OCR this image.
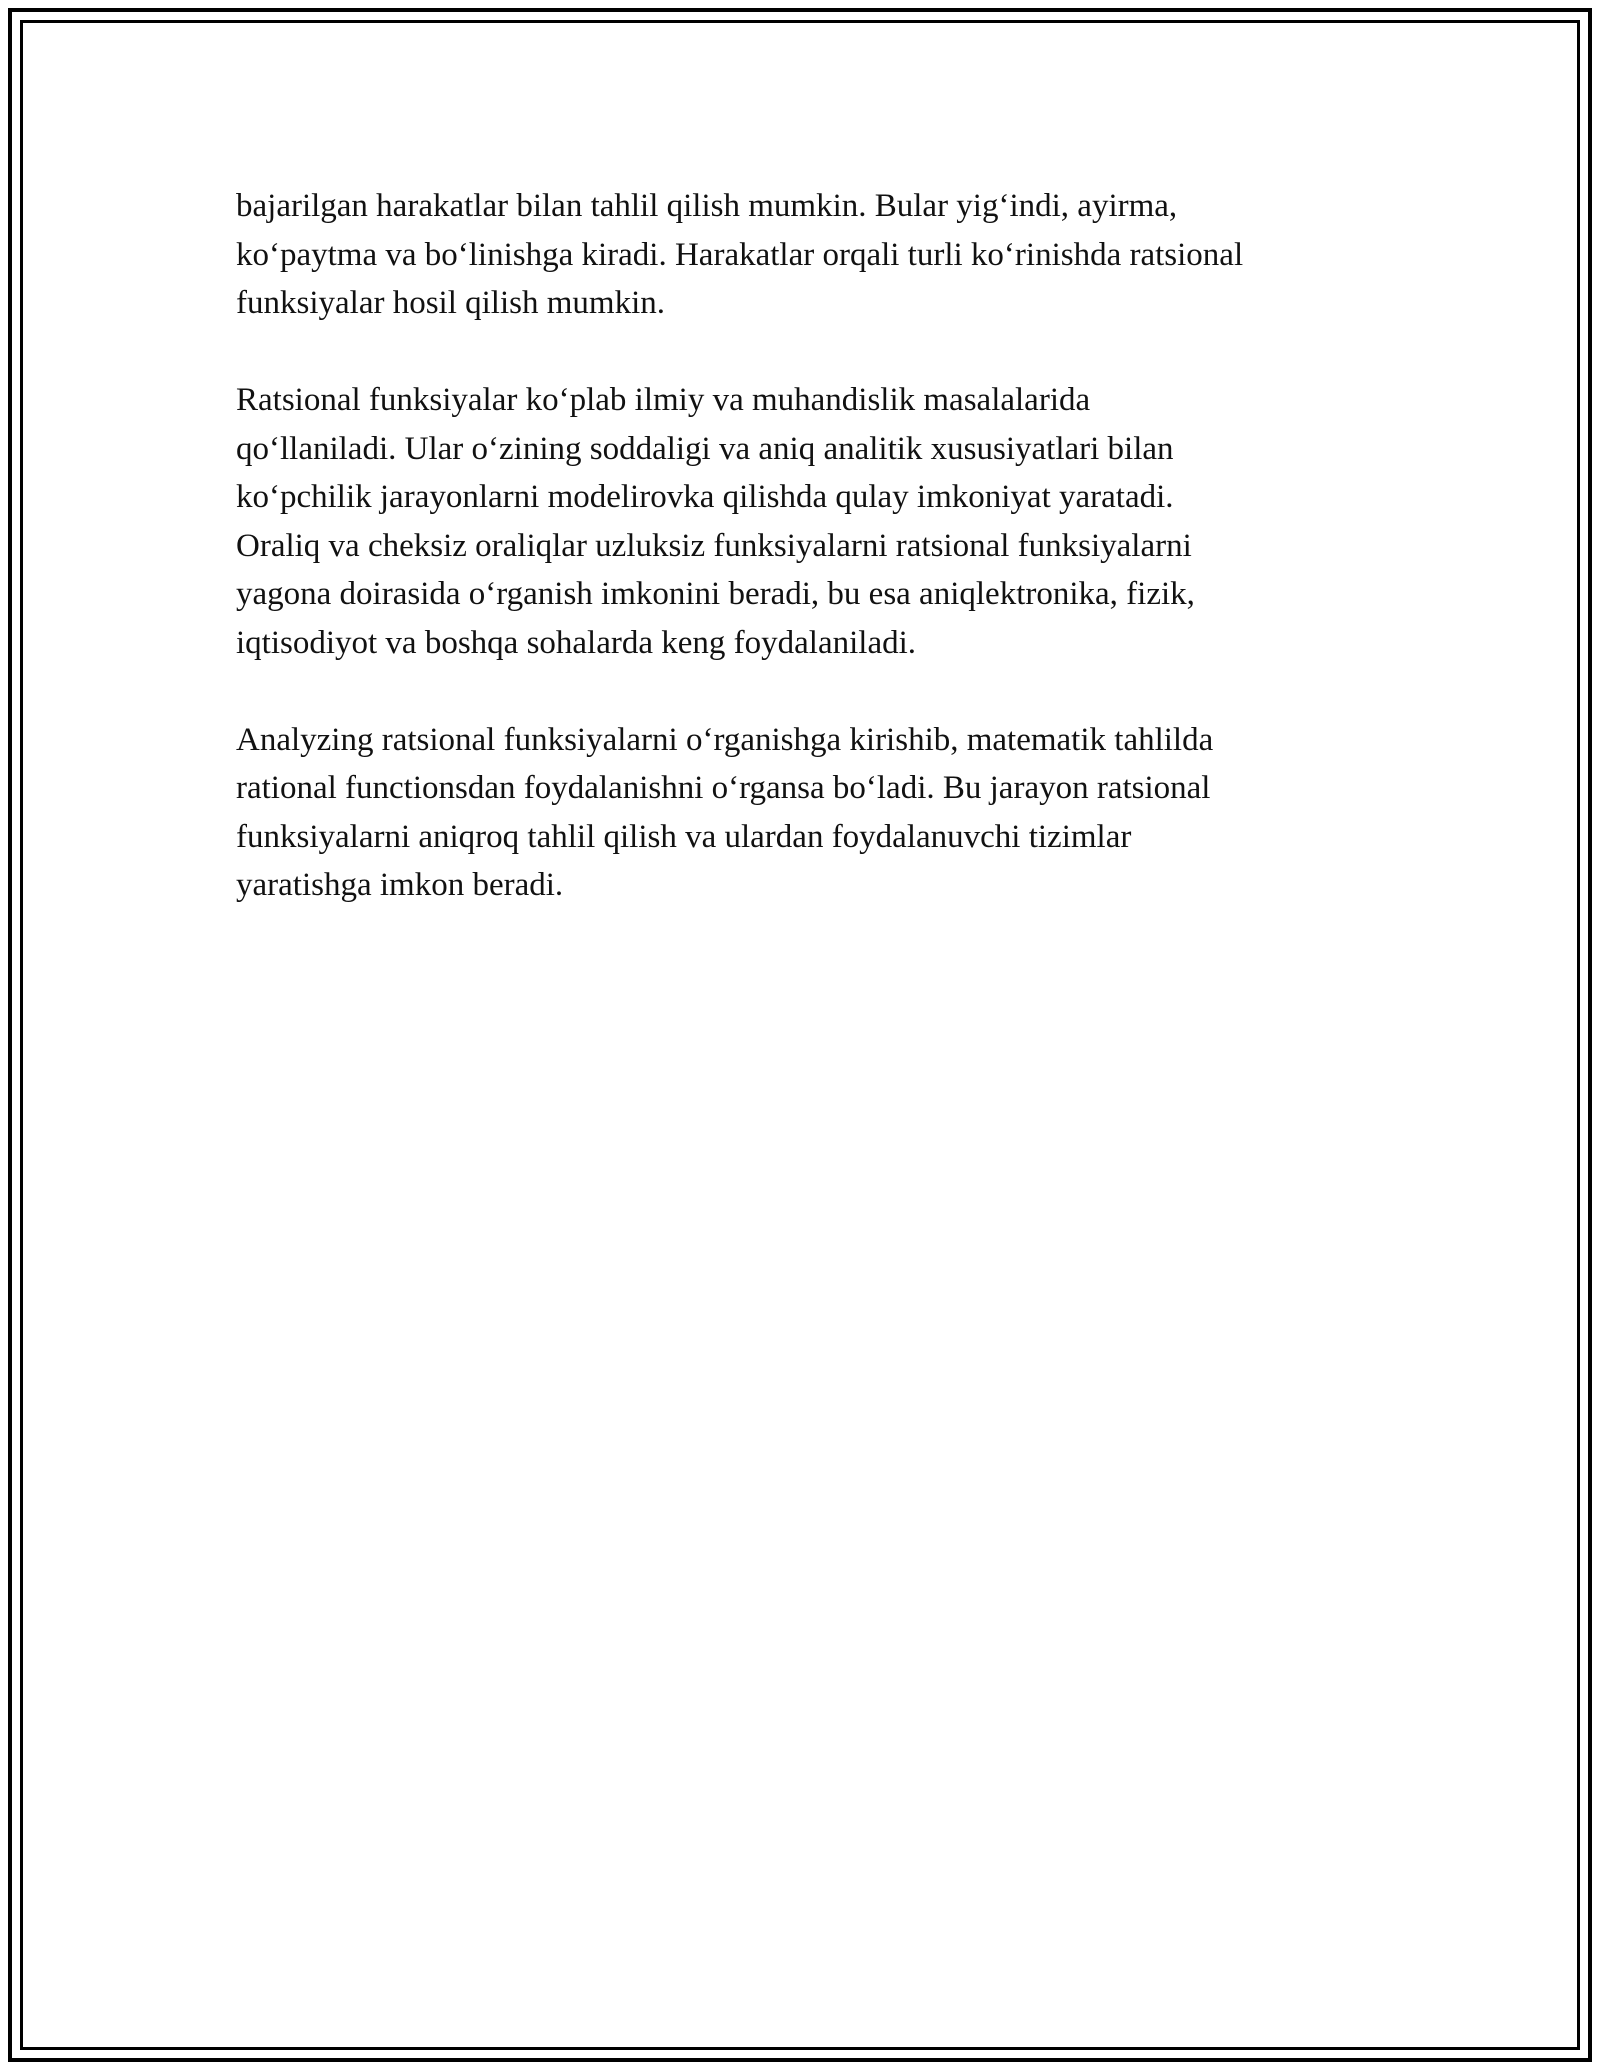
bajarilgan harakatlar bilan tahlil qilish mumkin. Bular yig‘indi, ayirma,
ko‘paytma va bo‘linishga kiradi. Harakatlar orqali turli ko‘rinishda ratsional
funksiyalar hosil qilish mumkin.

Ratsional funksiyalar ko‘plab ilmiy va muhandislik masalalarida
qo‘llaniladi. Ular o‘zining soddaligi va aniq analitik xususiyatlari bilan
ko‘pchilik jarayonlarni modelirovka qilishda qulay imkoniyat yaratadi.
Oraliq va cheksiz oraliqlar uzluksiz funksiyalarni ratsional funksiyalarni
yagona doirasida o‘rganish imkonini beradi, bu esa aniqlektronika, fizik,
iqtisodiyot va boshqa sohalarda keng foydalaniladi.

Analyzing ratsional funksiyalarni o‘rganishga kirishib, matematik tahlilda
rational functionsdan foydalanishni o‘rgansa bo‘ladi. Bu jarayon ratsional
funksiyalarni aniqroq tahlil qilish va ulardan foydalanuvchi tizimlar
yaratishga imkon beradi.
